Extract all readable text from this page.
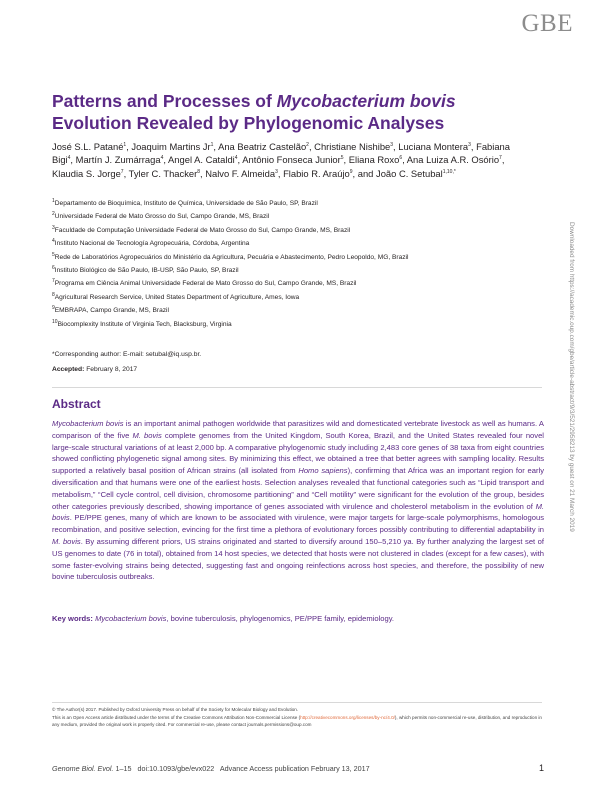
GBE
Patterns and Processes of Mycobacterium bovis Evolution Revealed by Phylogenomic Analyses
José S.L. Patané$^1$, Joaquim Martins Jr$^1$, Ana Beatriz Castelão$^2$, Christiane Nishibe$^3$, Luciana Montera$^3$, Fabiana Bigi$^4$, Martín J. Zumárraga$^4$, Angel A. Cataldi$^4$, Antônio Fonseca Junior$^5$, Eliana Roxo$^6$, Ana Luiza A.R. Osório$^7$, Klaudia S. Jorge$^7$, Tyler C. Thacker$^8$, Nalvo F. Almeida$^3$, Flabio R. Araújo$^9$, and João C. Setubal$^{1,10,*}$
$^1$Departamento de Bioquímica, Instituto de Química, Universidade de São Paulo, SP, Brazil
$^2$Universidade Federal de Mato Grosso do Sul, Campo Grande, MS, Brazil
$^3$Faculdade de Computação Universidade Federal de Mato Grosso do Sul, Campo Grande, MS, Brazil
$^4$Instituto Nacional de Tecnología Agropecuária, Córdoba, Argentina
$^5$Rede de Laboratórios Agropecuários do Ministério da Agricultura, Pecuária e Abastecimento, Pedro Leopoldo, MG, Brazil
$^6$Instituto Biológico de São Paulo, IB-USP, São Paulo, SP, Brazil
$^7$Programa em Ciência Animal Universidade Federal de Mato Grosso do Sul, Campo Grande, MS, Brazil
$^8$Agricultural Research Service, United States Department of Agriculture, Ames, Iowa
$^9$EMBRAPA, Campo Grande, MS, Brazil
$^{10}$Biocomplexity Institute of Virginia Tech, Blacksburg, Virginia
*Corresponding author: E-mail: setubal@iq.usp.br.
Accepted: February 8, 2017
Abstract
Mycobacterium bovis is an important animal pathogen worldwide that parasitizes wild and domesticated vertebrate livestock as well as humans. A comparison of the five M. bovis complete genomes from the United Kingdom, South Korea, Brazil, and the United States revealed four novel large-scale structural variations of at least 2,000 bp. A comparative phylogenomic study including 2,483 core genes of 38 taxa from eight countries showed conflicting phylogenetic signal among sites. By minimizing this effect, we obtained a tree that better agrees with sampling locality. Results supported a relatively basal position of African strains (all isolated from Homo sapiens), confirming that Africa was an important region for early diversification and that humans were one of the earliest hosts. Selection analyses revealed that functional categories such as “Lipid transport and metabolism,” “Cell cycle control, cell division, chromosome partitioning” and “Cell motility” were significant for the evolution of the group, besides other categories previously described, showing importance of genes associated with virulence and cholesterol metabolism in the evolution of M. bovis. PE/PPE genes, many of which are known to be associated with virulence, were major targets for large-scale polymorphisms, homologous recombination, and positive selection, evincing for the first time a plethora of evolutionary forces possibly contributing to differential adaptability in M. bovis. By assuming different priors, US strains originated and started to diversify around 150–5,210 ya. By further analyzing the largest set of US genomes to date (76 in total), obtained from 14 host species, we detected that hosts were not clustered in clades (except for a few cases), with some faster-evolving strains being detected, suggesting fast and ongoing reinfections across host species, and therefore, the possibility of new bovine tuberculosis outbreaks.
Key words: Mycobacterium bovis, bovine tuberculosis, phylogenomics, PE/PPE family, epidemiology.
© The Author(s) 2017. Published by Oxford University Press on behalf of the Society for Molecular Biology and Evolution.
This is an Open Access article distributed under the terms of the Creative Commons Attribution Non-Commercial License (http://creativecommons.org/licenses/by-nc/4.0/), which permits non-commercial re-use, distribution, and reproduction in any medium, provided the original work is properly cited. For commercial re-use, please contact journals.permissions@oup.com
Genome Biol. Evol. 1–15   doi:10.1093/gbe/evx022   Advance Access publication February 13, 2017	1
Downloaded from https://academic.oup.com/gbe/article-abstract/9/3/521/2958213 by guest on 21 March 2019
